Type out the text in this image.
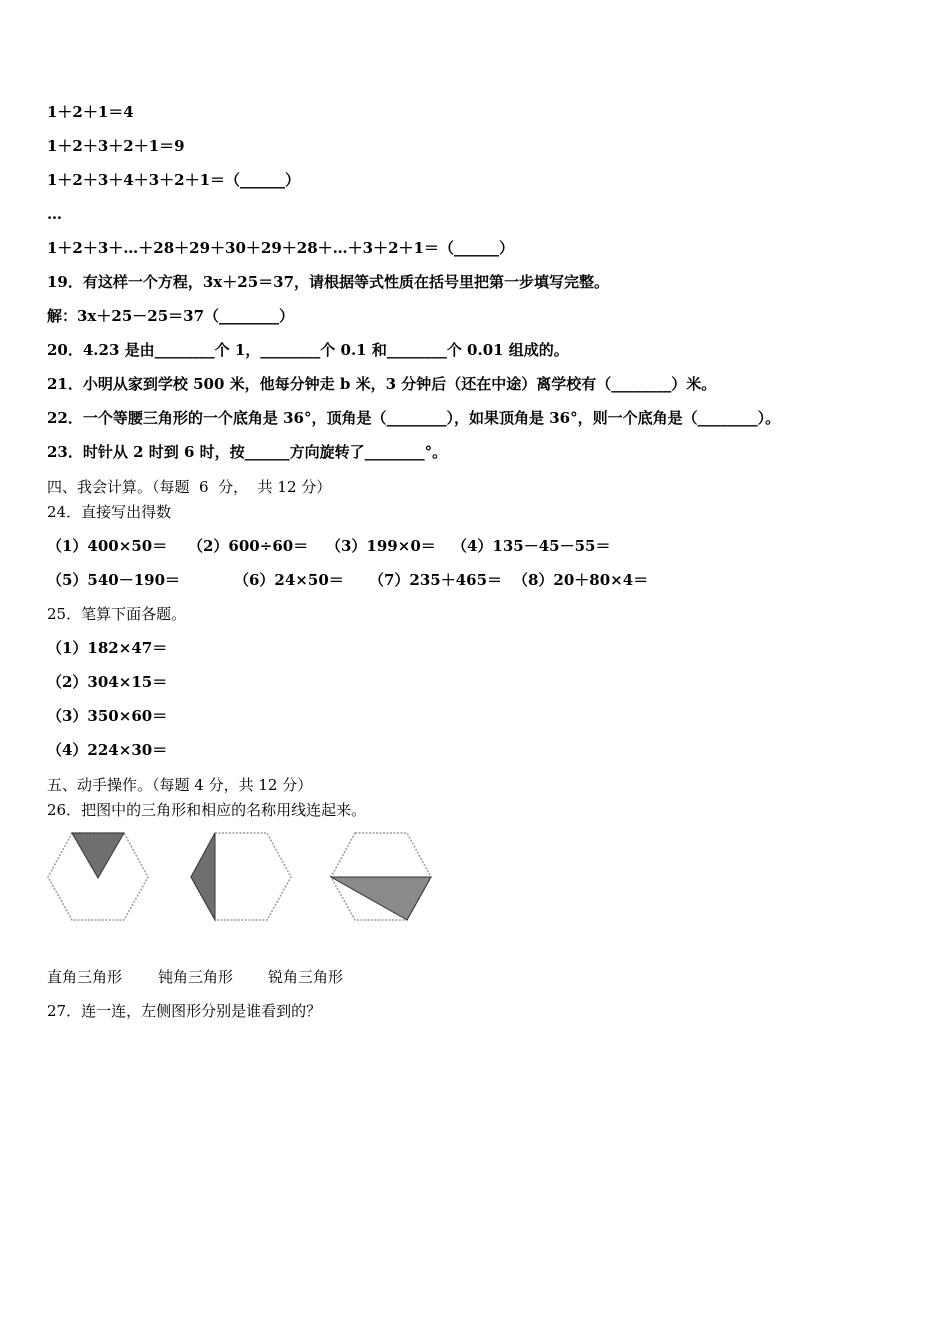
1＋2＋1＝4
1＋2＋3＋2＋1＝9
1＋2＋3＋4＋3＋2＋1＝（______）
…
1＋2＋3＋…＋28＋29＋30＋29＋28＋…＋3＋2＋1＝（______）
19．有这样一个方程，3x＋25＝37，请根据等式性质在括号里把第一步填写完整。
解：3x＋25－25＝37（________）
20．4.23 是由________个 1，________个 0.1 和________个 0.01 组成的。
21．小明从家到学校 500 米，他每分钟走 b 米，3 分钟后（还在中途）离学校有（________）米。
22．一个等腰三角形的一个底角是 36°，顶角是（________），如果顶角是 36°，则一个底角是（________）。
23．时针从 2 时到 6 时，按______方向旋转了________°。
四、我会计算。（每题  6  分，  共 12 分）
24．直接写出得数
（1）400×50＝ （2）600÷60＝ （3）199×0＝ （4）135－45－55＝
（5）540－190＝	（6）24×50＝ （7）235＋465＝ （8）20＋80×4＝
25．笔算下面各题。
（1）182×47＝
（2）304×15＝
（3）350×60＝
（4）224×30＝
五、动手操作。（每题 4 分，共 12 分）
26．把图中的三角形和相应的名称用线连起来。
直角三角形 钝角三角形 锐角三角形
27．连一连，左侧图形分别是谁看到的？
